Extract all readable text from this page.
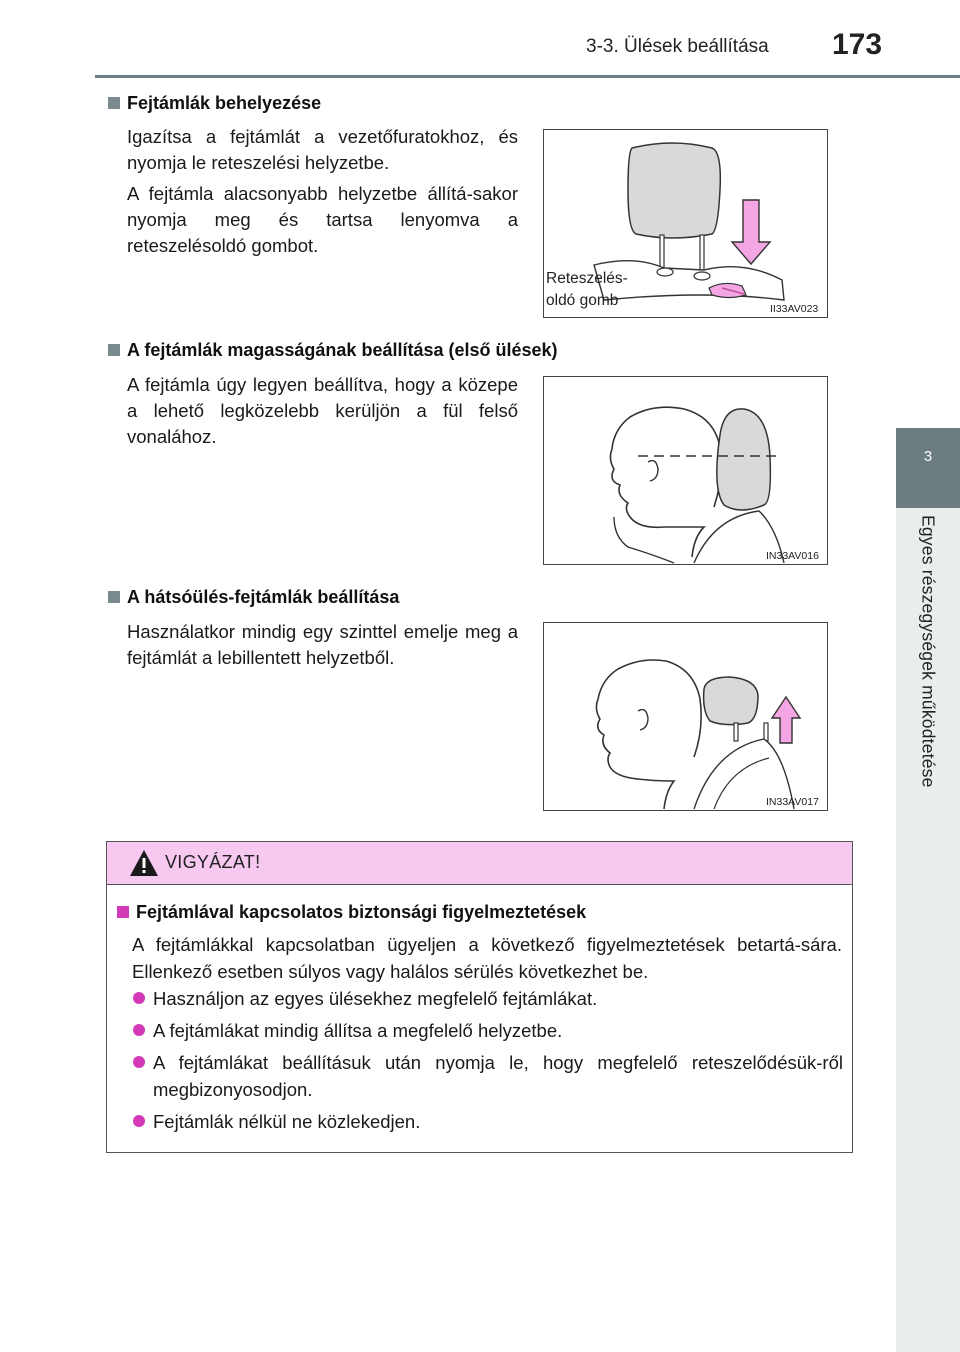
3-3. Ülések beállítása 173
3
Egyes részegységek működtetése
Fejtámlák behelyezése
Igazítsa a fejtámlát a vezetőfuratokhoz, és nyomja le reteszelési helyzetbe.
A fejtámla alacsonyabb helyzetbe állítá-sakor nyomja meg és tartsa lenyomva a reteszelésoldó gombot.
Reteszelés-
oldó gomb	II33AV023
A fejtámlák magasságának beállítása (első ülések)
A fejtámla úgy legyen beállítva, hogy a közepe a lehető legközelebb kerüljön a fül felső vonalához.
IN33AV016
A hátsóülés-fejtámlák beállítása
Használatkor mindig egy szinttel emelje meg a fejtámlát a lebillentett helyzetből.
IN33AV017
VIGYÁZAT!
Fejtámlával kapcsolatos biztonsági figyelmeztetések
A fejtámlákkal kapcsolatban ügyeljen a következő figyelmeztetések betartá-sára. Ellenkező esetben súlyos vagy halálos sérülés következhet be.
Használjon az egyes ülésekhez megfelelő fejtámlákat.
A fejtámlákat mindig állítsa a megfelelő helyzetbe.
A fejtámlákat beállításuk után nyomja le, hogy megfelelő reteszelődésük-ről megbizonyosodjon.
Fejtámlák nélkül ne közlekedjen.
